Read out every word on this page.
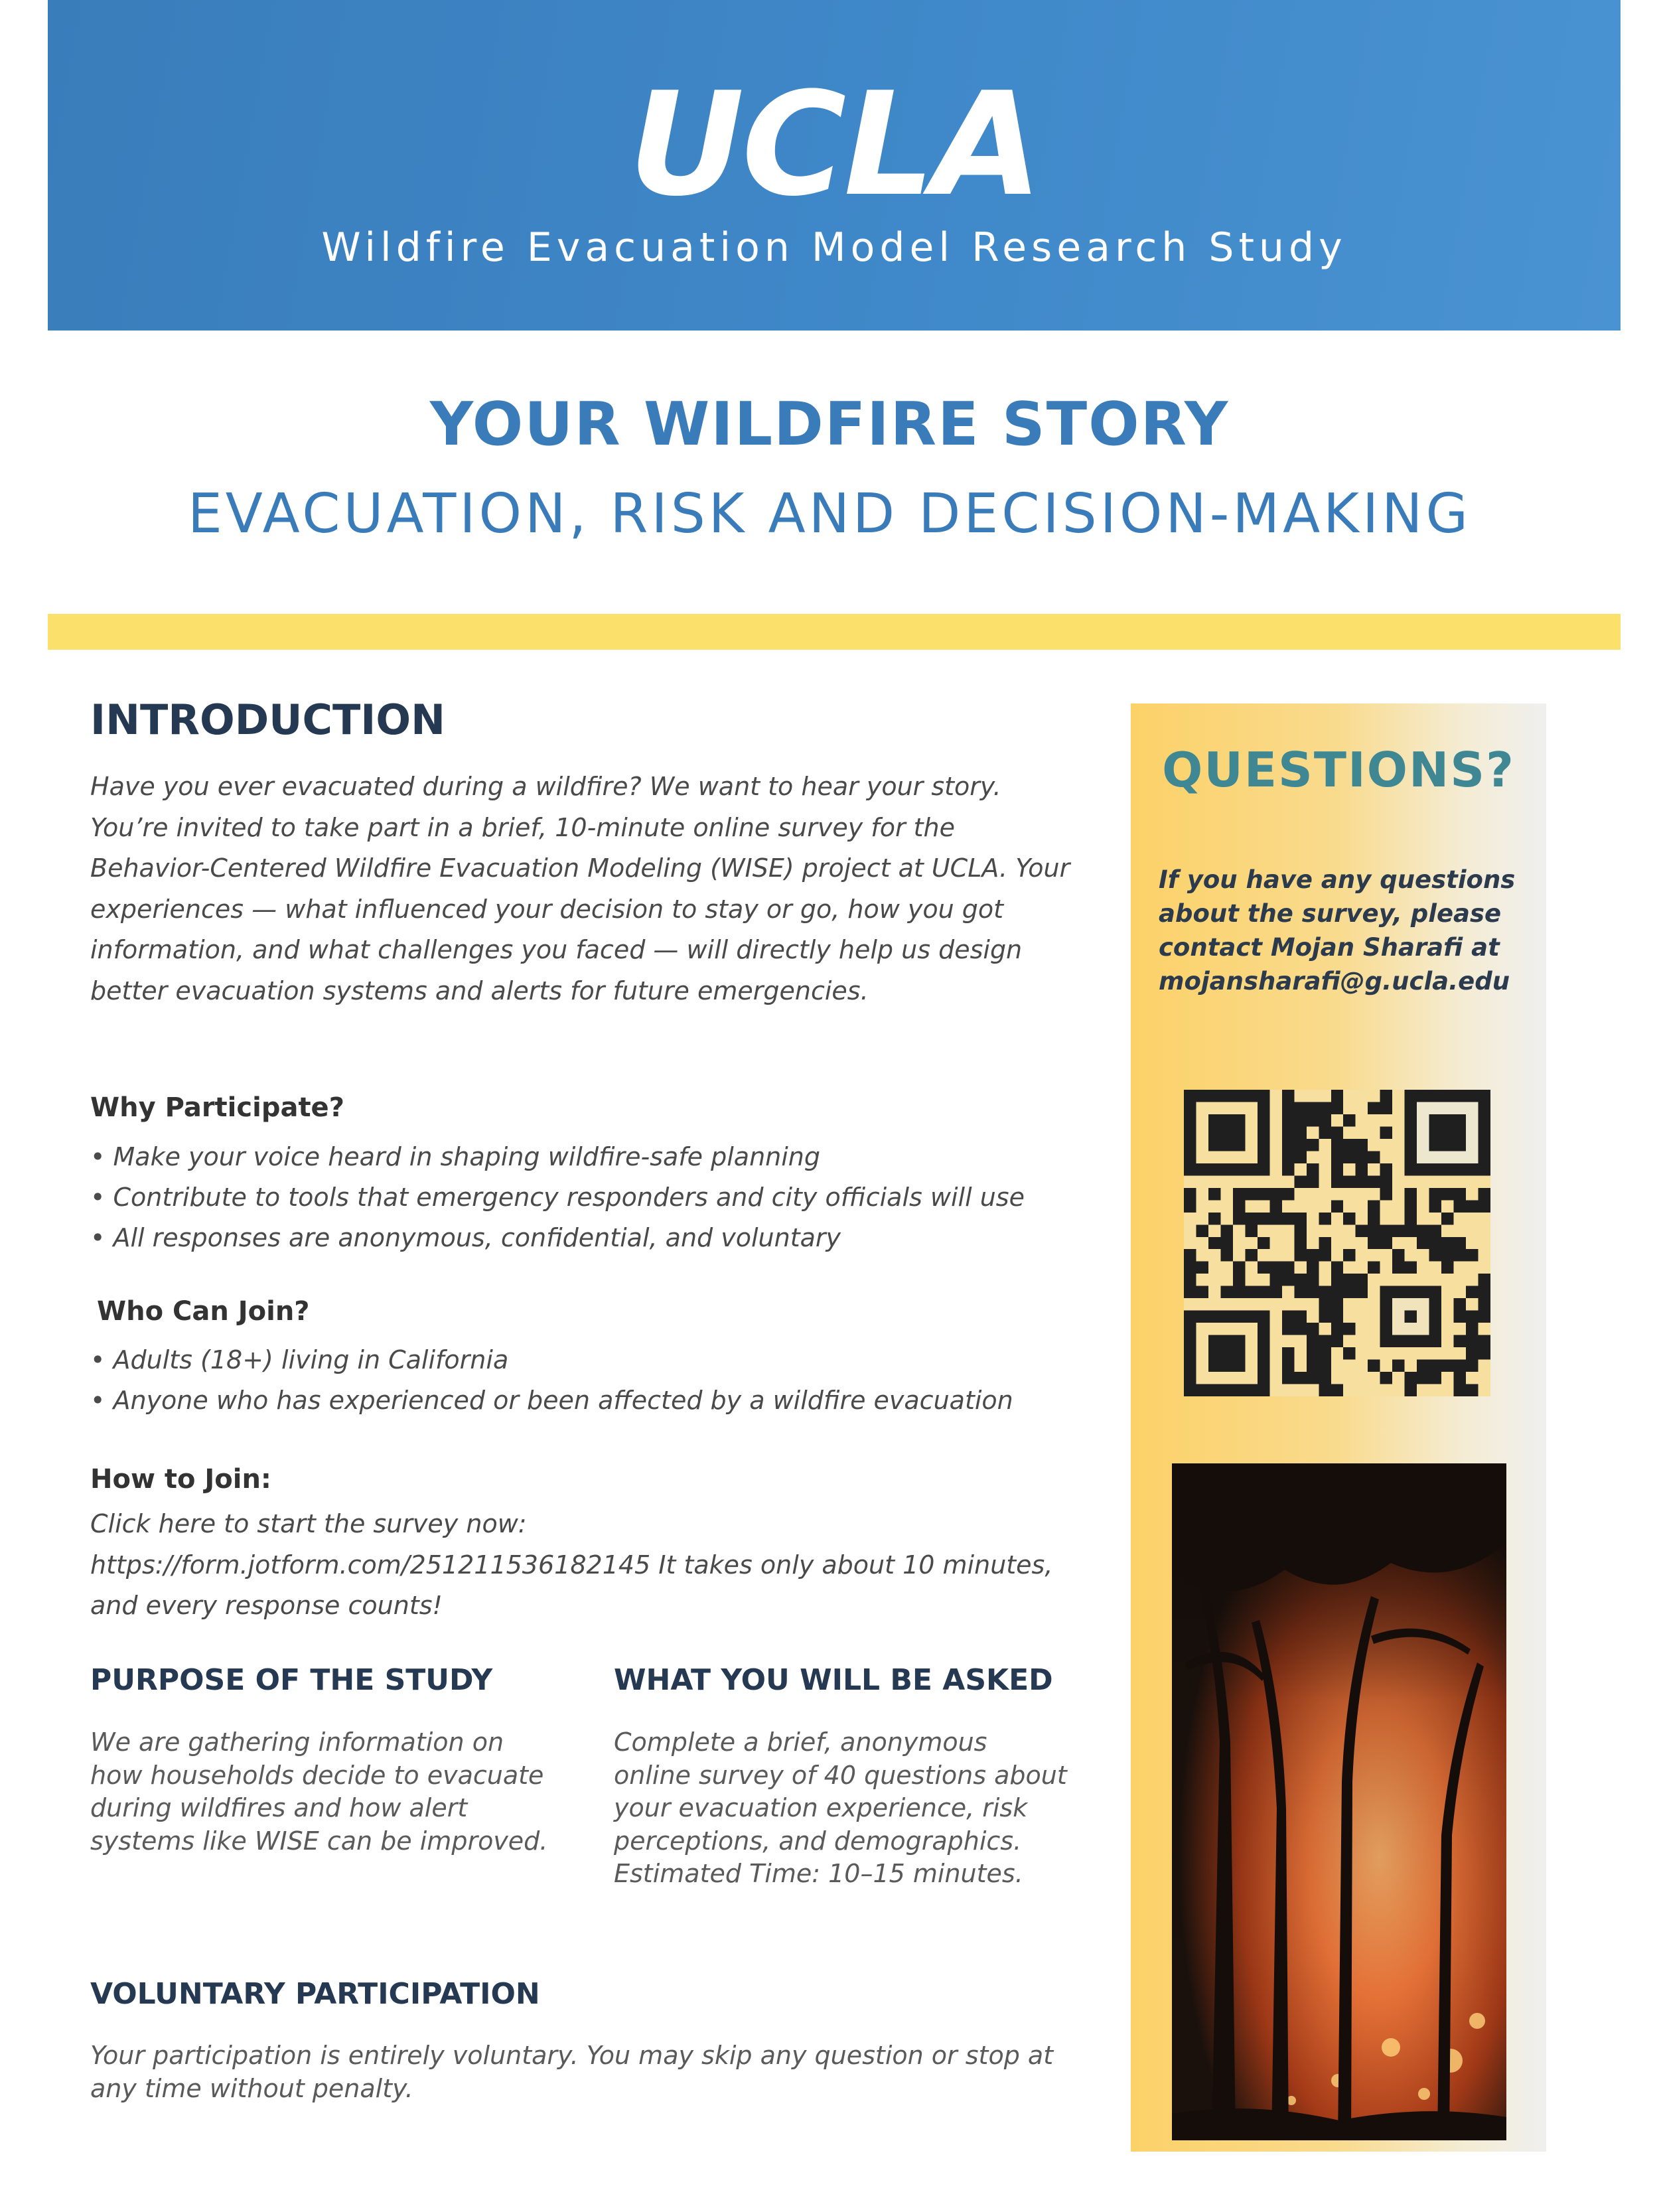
UCLA
Wildfire Evacuation Model Research Study
YOUR WILDFIRE STORY
EVACUATION, RISK AND DECISION-MAKING
INTRODUCTION

Have you ever evacuated during a wildfire? We want to hear your story. You’re invited to take part in a brief, 10-minute online survey for the Behavior-Centered Wildfire Evacuation Modeling (WISE) project at UCLA. Your experiences — what influenced your decision to stay or go, how you got information, and what challenges you faced — will directly help us design better evacuation systems and alerts for future emergencies.

Why Participate?
• Make your voice heard in shaping wildfire-safe planning
• Contribute to tools that emergency responders and city officials will use
• All responses are anonymous, confidential, and voluntary
Who Can Join?
• Adults (18+) living in California
• Anyone who has experienced or been affected by a wildfire evacuation
How to Join:

Click here to start the survey now: https://form.jotform.com/251211536182145 It takes only about 10 minutes, and every response counts!

PURPOSE OF THE STUDY

We are gathering information on how households decide to evacuate during wildfires and how alert systems like WISE can be improved.

WHAT YOU WILL BE ASKED

Complete a brief, anonymous online survey of 40 questions about your evacuation experience, risk perceptions, and demographics. Estimated Time: 10–15 minutes.

VOLUNTARY PARTICIPATION

Your participation is entirely voluntary. You may skip any question or stop at any time without penalty.

QUESTIONS?

If you have any questions about the survey, please contact Mojan Sharafi at mojansharafi@g.ucla.edu
